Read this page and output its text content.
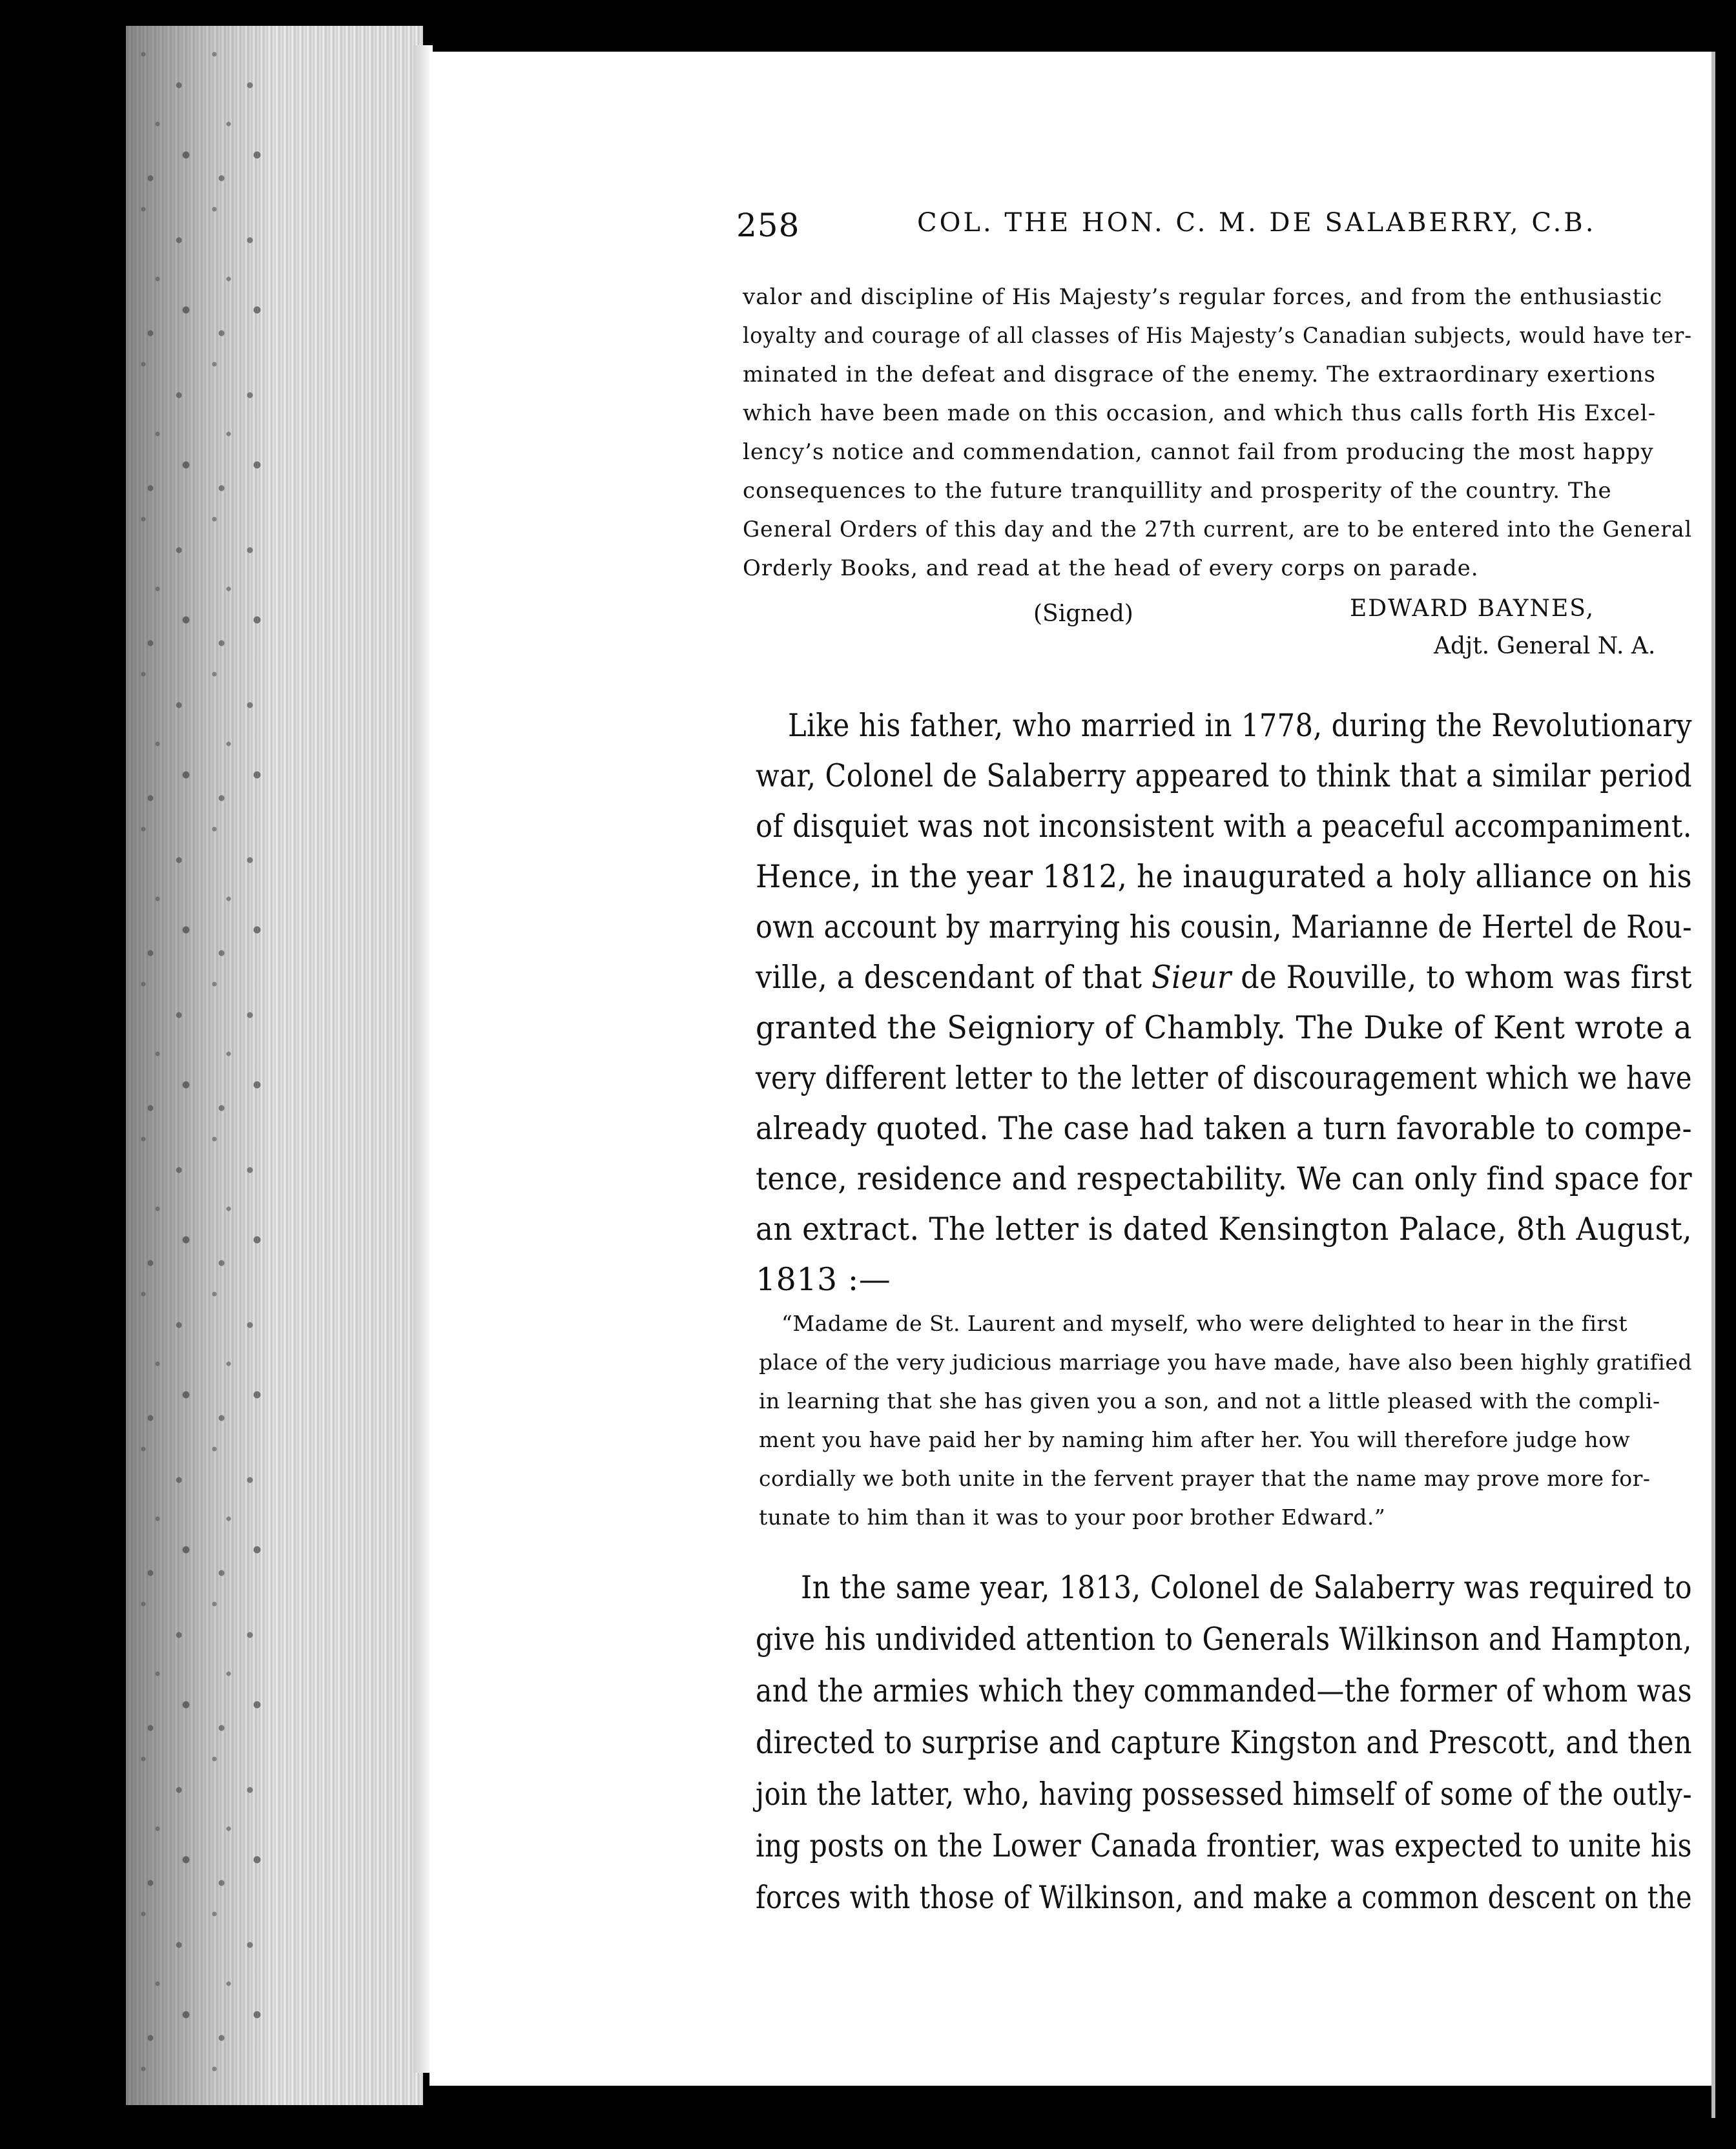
258	COL. THE HON. C. M. DE SALABERRY, C.B.
valor and discipline of His Majesty’s regular forces, and from the enthusiastic
loyalty and courage of all classes of His Majesty’s Canadian subjects, would have ter-
minated in the defeat and disgrace of the enemy. The extraordinary exertions
which have been made on this occasion, and which thus calls forth His Excel-
lency’s notice and commendation, cannot fail from producing the most happy
consequences to the future tranquillity and prosperity of the country. The
General Orders of this day and the 27th current, are to be entered into the General
Orderly Books, and read at the head of every corps on parade.
(Signed)	EDWARD BAYNES,
Adjt. General N. A.
Like his father, who married in 1778, during the Revolutionary
war, Colonel de Salaberry appeared to think that a similar period
of disquiet was not inconsistent with a peaceful accompaniment.
Hence, in the year 1812, he inaugurated a holy alliance on his
own account by marrying his cousin, Marianne de Hertel de Rou-
ville, a descendant of that Sieur de Rouville, to whom was first
granted the Seigniory of Chambly. The Duke of Kent wrote a
very different letter to the letter of discouragement which we have
already quoted. The case had taken a turn favorable to compe-
tence, residence and respectability. We can only find space for
an extract. The letter is dated Kensington Palace, 8th August,
1813 :—
“Madame de St. Laurent and myself, who were delighted to hear in the first
place of the very judicious marriage you have made, have also been highly gratified
in learning that she has given you a son, and not a little pleased with the compli-
ment you have paid her by naming him after her. You will therefore judge how
cordially we both unite in the fervent prayer that the name may prove more for-
tunate to him than it was to your poor brother Edward.”
In the same year, 1813, Colonel de Salaberry was required to
give his undivided attention to Generals Wilkinson and Hampton,
and the armies which they commanded—the former of whom was
directed to surprise and capture Kingston and Prescott, and then
join the latter, who, having possessed himself of some of the outly-
ing posts on the Lower Canada frontier, was expected to unite his
forces with those of Wilkinson, and make a common descent on the
